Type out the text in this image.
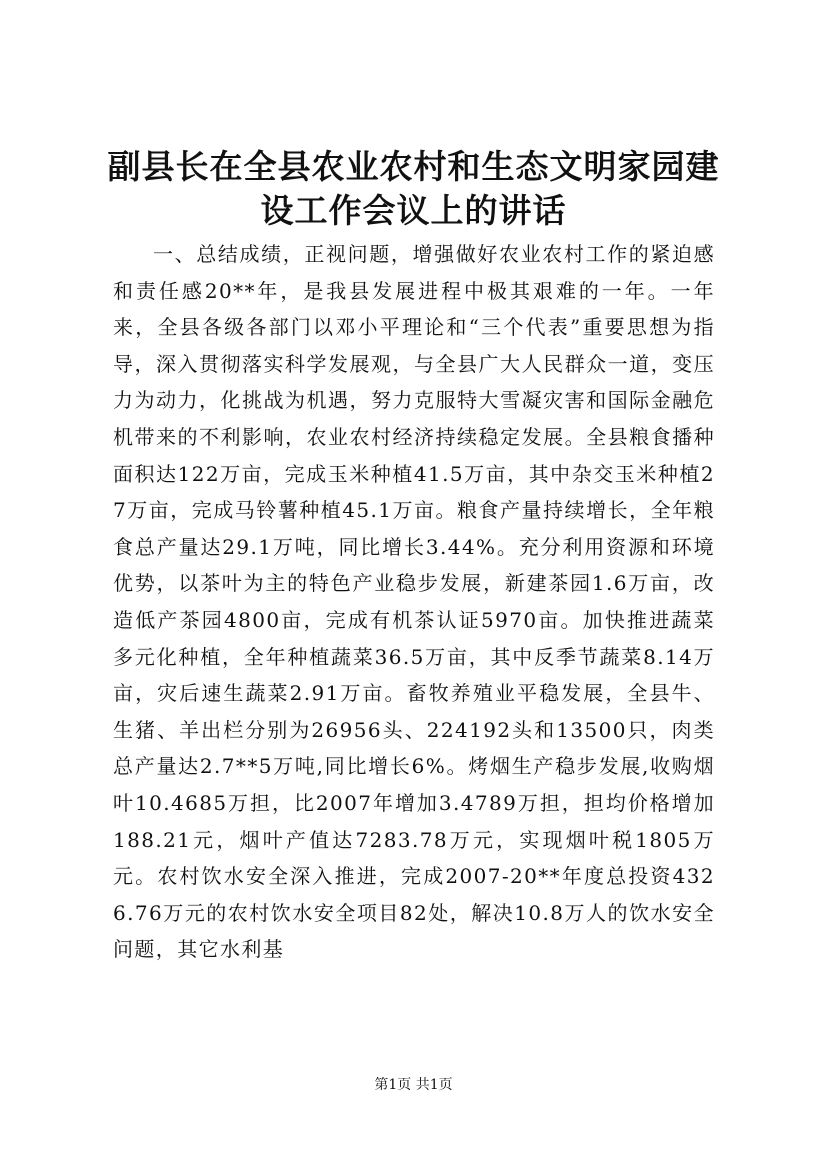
副县长在全县农业农村和生态文明家园建设工作会议上的讲话

一、总结成绩，正视问题，增强做好农业农村工作的紧迫感和责任感20**年，是我县发展进程中极其艰难的一年。一年来，全县各级各部门以邓小平理论和“三个代表”重要思想为指导，深入贯彻落实科学发展观，与全县广大人民群众一道，变压力为动力，化挑战为机遇，努力克服特大雪凝灾害和国际金融危机带来的不利影响，农业农村经济持续稳定发展。全县粮食播种面积达122万亩，完成玉米种植41.5万亩，其中杂交玉米种植27万亩，完成马铃薯种植45.1万亩。粮食产量持续增长，全年粮食总产量达29.1万吨，同比增长3.44%。充分利用资源和环境优势，以茶叶为主的特色产业稳步发展，新建茶园1.6万亩，改造低产茶园4800亩，完成有机茶认证5970亩。加快推进蔬菜多元化种植，全年种植蔬菜36.5万亩，其中反季节蔬菜8.14万亩，灾后速生蔬菜2.91万亩。畜牧养殖业平稳发展，全县牛、生猪、羊出栏分别为26956头、224192头和13500只，肉类总产量达2.7**5万吨,同比增长6%。烤烟生产稳步发展,收购烟叶10.4685万担，比2007年增加3.4789万担，担均价格增加188.21元，烟叶产值达7283.78万元，实现烟叶税1805万元。农村饮水安全深入推进，完成2007-20**年度总投资4326.76万元的农村饮水安全项目82处，解决10.8万人的饮水安全问题，其它水利基

第1页 共1页
